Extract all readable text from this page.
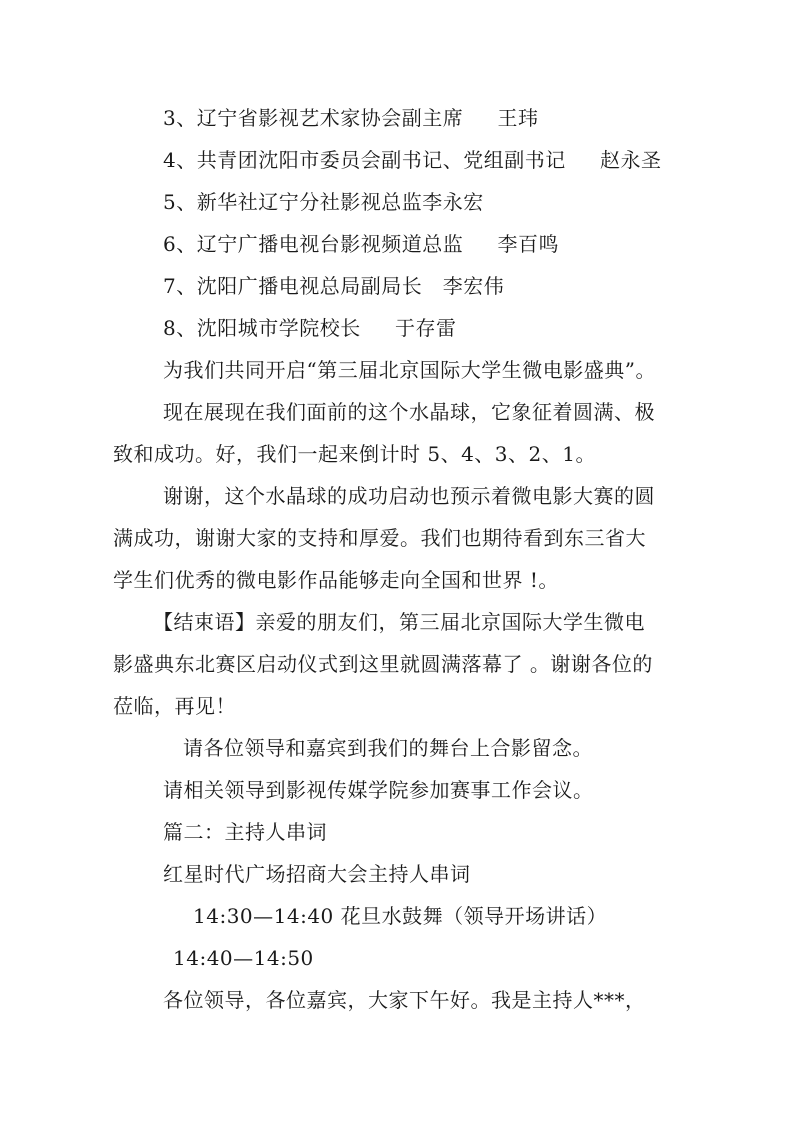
3、辽宁省影视艺术家协会副主席     王玮
4、共青团沈阳市委员会副书记、党组副书记     赵永圣
5、新华社辽宁分社影视总监李永宏
6、辽宁广播电视台影视频道总监     李百鸣
7、沈阳广播电视总局副局长   李宏伟
8、沈阳城市学院校长     于存雷
为我们共同开启“第三届北京国际大学生微电影盛典”。
现在展现在我们面前的这个水晶球，它象征着圆满、极
致和成功。好，我们一起来倒计时 5、4、3、2、1。
谢谢，这个水晶球的成功启动也预示着微电影大赛的圆
满成功，谢谢大家的支持和厚爱。我们也期待看到东三省大
学生们优秀的微电影作品能够走向全国和世界 !。
【结束语】亲爱的朋友们，第三届北京国际大学生微电
影盛典东北赛区启动仪式到这里就圆满落幕了 。谢谢各位的
莅临，再见！
请各位领导和嘉宾到我们的舞台上合影留念。
请相关领导到影视传媒学院参加赛事工作会议。
篇二：主持人串词
红星时代广场招商大会主持人串词
14:30—14:40 花旦水鼓舞（领导开场讲话）
14:40—14:50
各位领导，各位嘉宾，大家下午好。我是主持人***，
